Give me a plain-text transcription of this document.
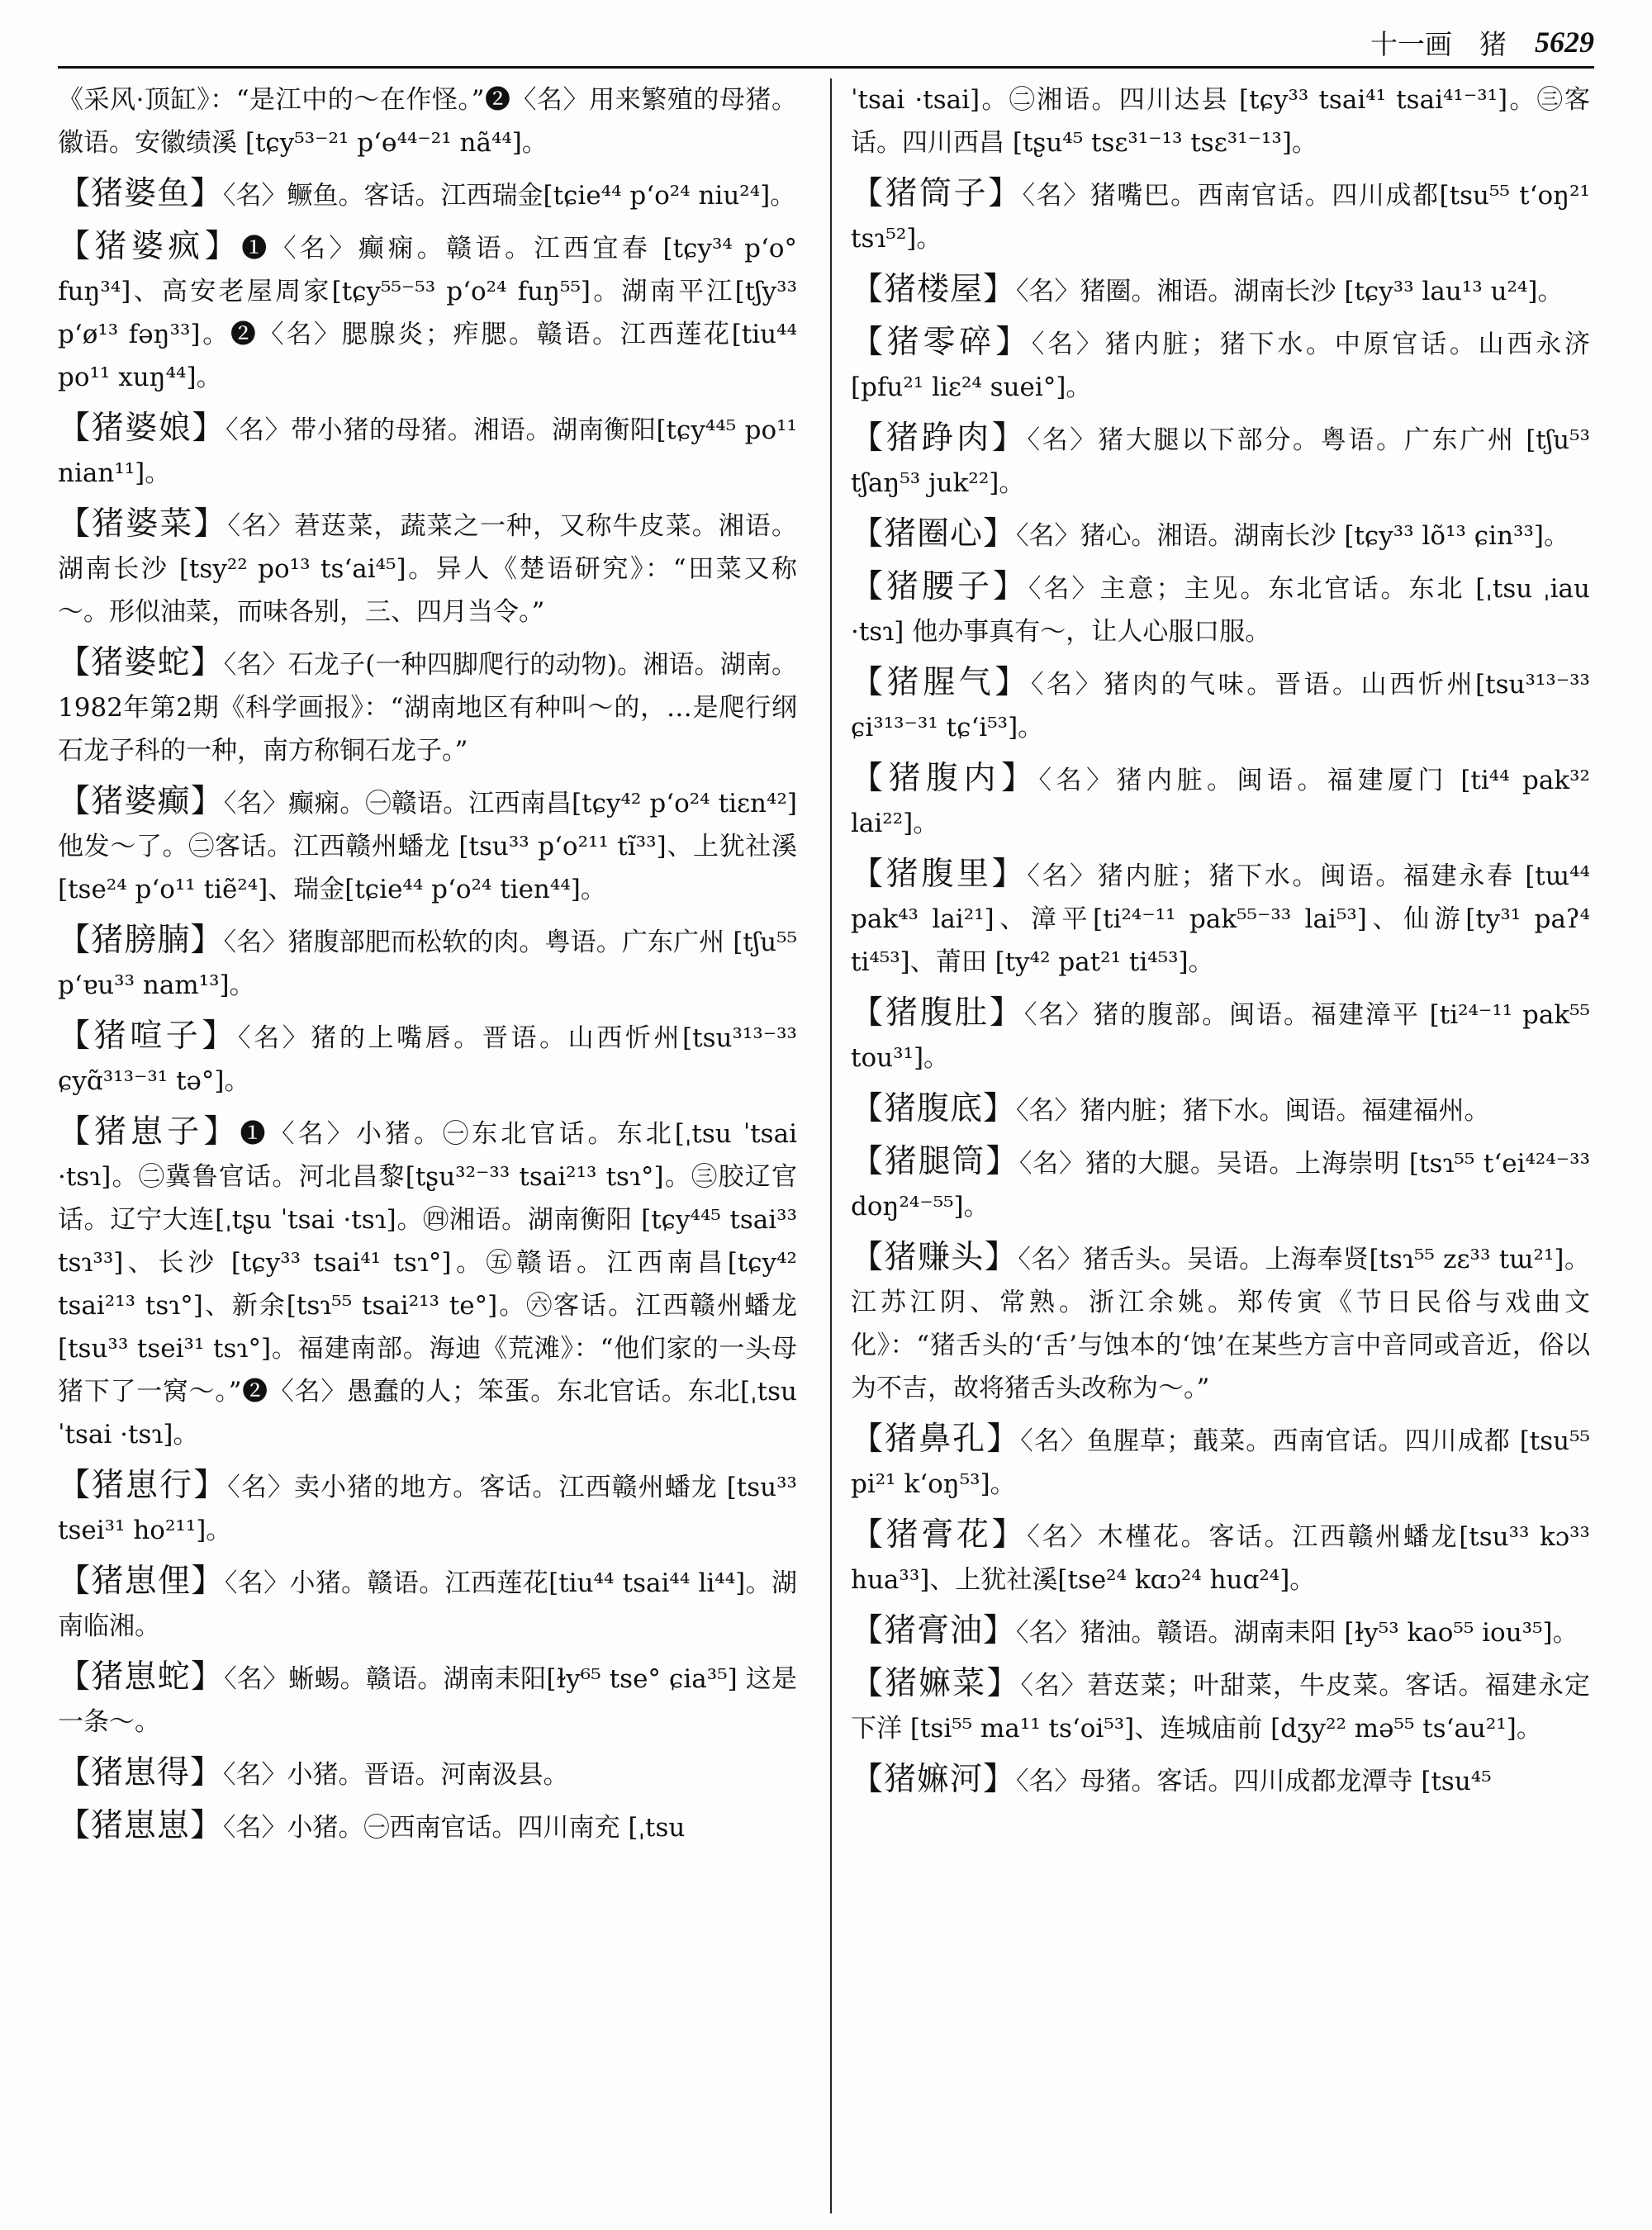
十一画　猪 5629

《采风·顶缸》：“是江中的～在作怪。”❷〈名〉用来繁殖的母猪。徽语。安徽绩溪 [tɕy⁵³⁻²¹ pʻɵ⁴⁴⁻²¹ nã⁴⁴]。

【猪婆鱼】〈名〉鳜鱼。客话。江西瑞金[tɕie⁴⁴ pʻo²⁴ niu²⁴]。

【猪婆疯】❶〈名〉癫痫。赣语。江西宜春 [tɕy³⁴ pʻo° fuŋ³⁴]、高安老屋周家[tɕy⁵⁵⁻⁵³ pʻo²⁴ fuŋ⁵⁵]。湖南平江[tʃy³³ pʻø¹³ fəŋ³³]。❷〈名〉腮腺炎；痄腮。赣语。江西莲花[tiu⁴⁴ po¹¹ xuŋ⁴⁴]。

【猪婆娘】〈名〉带小猪的母猪。湘语。湖南衡阳[tɕy⁴⁴⁵ po¹¹ nian¹¹]。

【猪婆菜】〈名〉莙荙菜，蔬菜之一种，又称牛皮菜。湘语。湖南长沙 [tsy²² po¹³ tsʻai⁴⁵]。异人《楚语研究》：“田菜又称～。形似油菜，而味各别，三、四月当令。”

【猪婆蛇】〈名〉石龙子(一种四脚爬行的动物)。湘语。湖南。1982年第2期《科学画报》：“湖南地区有种叫～的，…是爬行纲石龙子科的一种，南方称铜石龙子。”

【猪婆癫】〈名〉癫痫。㊀赣语。江西南昌[tɕy⁴² pʻo²⁴ tiɛn⁴²] 他发～了。㊁客话。江西赣州蟠龙 [tsu³³ pʻo²¹¹ tĩ³³]、上犹社溪 [tse²⁴ pʻo¹¹ tiẽ²⁴]、瑞金[tɕie⁴⁴ pʻo²⁴ tien⁴⁴]。

【猪膀腩】〈名〉猪腹部肥而松软的肉。粤语。广东广州 [tʃu⁵⁵ pʻɐu³³ nam¹³]。

【猪喧子】〈名〉猪的上嘴唇。晋语。山西忻州[tsu³¹³⁻³³ ɕyɑ̃³¹³⁻³¹ tə°]。

【猪崽子】❶〈名〉小猪。㊀东北官话。东北[ˌtsu ˈtsai ·tsɿ]。㊁冀鲁官话。河北昌黎[tʂu³²⁻³³ tsai²¹³ tsɿ°]。㊂胶辽官话。辽宁大连[ˌtʂu ˈtsai ·tsɿ]。㊃湘语。湖南衡阳 [tɕy⁴⁴⁵ tsai³³ tsɿ³³]、长沙 [tɕy³³ tsai⁴¹ tsɿ°]。㊄赣语。江西南昌[tɕy⁴² tsai²¹³ tsɿ°]、新余[tsɿ⁵⁵ tsai²¹³ te°]。㊅客话。江西赣州蟠龙 [tsu³³ tsei³¹ tsɿ°]。福建南部。海迪《荒滩》：“他们家的一头母猪下了一窝～。”❷〈名〉愚蠢的人；笨蛋。东北官话。东北[ˌtsu ˈtsai ·tsɿ]。

【猪崽行】〈名〉卖小猪的地方。客话。江西赣州蟠龙 [tsu³³ tsei³¹ ho²¹¹]。

【猪崽俚】〈名〉小猪。赣语。江西莲花[tiu⁴⁴ tsai⁴⁴ li⁴⁴]。湖南临湘。

【猪崽蛇】〈名〉蜥蜴。赣语。湖南耒阳[ɫy⁶⁵ tse° ɕia³⁵] 这是一条～。

【猪崽得】〈名〉小猪。晋语。河南汲县。

【猪崽崽】〈名〉小猪。㊀西南官话。四川南充 [ˌtsu

ˈtsai ·tsai]。㊁湘语。四川达县 [tɕy³³ tsai⁴¹ tsai⁴¹⁻³¹]。㊂客话。四川西昌 [tʂu⁴⁵ tsɛ³¹⁻¹³ tsɛ³¹⁻¹³]。

【猪筒子】〈名〉猪嘴巴。西南官话。四川成都[tsu⁵⁵ tʻoŋ²¹ tsɿ⁵²]。

【猪楼屋】〈名〉猪圈。湘语。湖南长沙 [tɕy³³ lau¹³ u²⁴]。

【猪零碎】〈名〉猪内脏；猪下水。中原官话。山西永济 [pfu²¹ liɛ²⁴ suei°]。

【猪踭肉】〈名〉猪大腿以下部分。粤语。广东广州 [tʃu⁵³ tʃaŋ⁵³ juk²²]。

【猪圈心】〈名〉猪心。湘语。湖南长沙 [tɕy³³ lõ¹³ ɕin³³]。

【猪腰子】〈名〉主意；主见。东北官话。东北 [ˌtsu ˌiau ·tsɿ] 他办事真有～，让人心服口服。

【猪腥气】〈名〉猪肉的气味。晋语。山西忻州[tsu³¹³⁻³³ ɕi³¹³⁻³¹ tɕʻi⁵³]。

【猪腹内】〈名〉猪内脏。闽语。福建厦门 [ti⁴⁴ pak³² lai²²]。

【猪腹里】〈名〉猪内脏；猪下水。闽语。福建永春 [tɯ⁴⁴ pak⁴³ lai²¹]、漳平[ti²⁴⁻¹¹ pak⁵⁵⁻³³ lai⁵³]、仙游[ty³¹ paʔ⁴ ti⁴⁵³]、莆田 [ty⁴² pat²¹ ti⁴⁵³]。

【猪腹肚】〈名〉猪的腹部。闽语。福建漳平 [ti²⁴⁻¹¹ pak⁵⁵ tou³¹]。

【猪腹底】〈名〉猪内脏；猪下水。闽语。福建福州。

【猪腿筒】〈名〉猪的大腿。吴语。上海崇明 [tsɿ⁵⁵ tʻei⁴²⁴⁻³³ doŋ²⁴⁻⁵⁵]。

【猪赚头】〈名〉猪舌头。吴语。上海奉贤[tsɿ⁵⁵ zɛ³³ tɯ²¹]。江苏江阴、常熟。浙江余姚。郑传寅《节日民俗与戏曲文化》：“猪舌头的‘舌’与蚀本的‘蚀’在某些方言中音同或音近，俗以为不吉，故将猪舌头改称为～。”

【猪鼻孔】〈名〉鱼腥草；蕺菜。西南官话。四川成都 [tsu⁵⁵ pi²¹ kʻoŋ⁵³]。

【猪膏花】〈名〉木槿花。客话。江西赣州蟠龙[tsu³³ kɔ³³ hua³³]、上犹社溪[tse²⁴ kɑɔ²⁴ huɑ²⁴]。

【猪膏油】〈名〉猪油。赣语。湖南耒阳 [ɫy⁵³ kao⁵⁵ iou³⁵]。

【猪嫲菜】〈名〉莙荙菜；叶甜菜，牛皮菜。客话。福建永定下洋 [tsi⁵⁵ ma¹¹ tsʻoi⁵³]、连城庙前 [dʒy²² mə⁵⁵ tsʻau²¹]。

【猪嫲河】〈名〉母猪。客话。四川成都龙潭寺 [tsu⁴⁵
